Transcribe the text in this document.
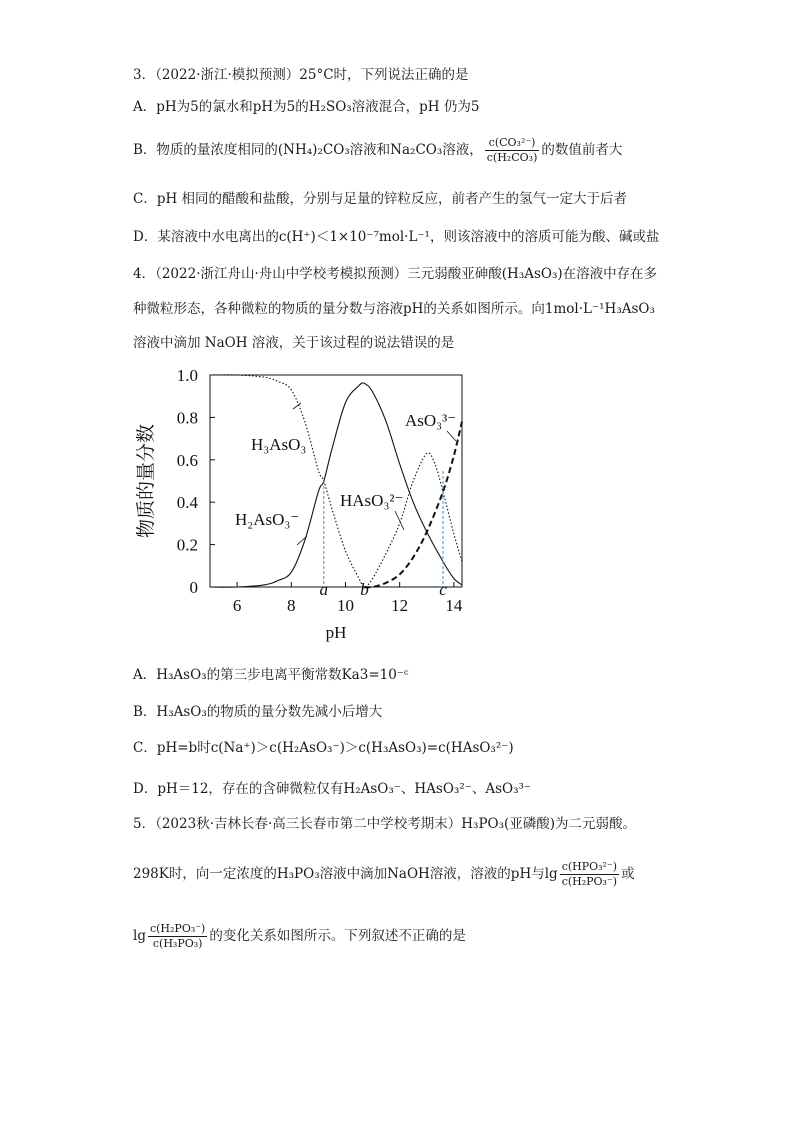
3．（2022·浙江·模拟预测）25°C时，下列说法正确的是
A．pH为5的氯水和pH为5的H₂SO₃溶液混合，pH 仍为5
B．物质的量浓度相同的(NH₄)₂CO₃溶液和Na₂CO₃溶液， $\frac{\text{c(CO₃²⁻)}}{\text{c(H₂CO₃)}}$ 的数值前者大
C．pH 相同的醋酸和盐酸，分别与足量的锌粒反应，前者产生的氢气一定大于后者
D．某溶液中水电离出的c(H⁺)＜1×10⁻⁷mol·L⁻¹，则该溶液中的溶质可能为酸、碱或盐
4．（2022·浙江舟山·舟山中学校考模拟预测）三元弱酸亚砷酸(H₃AsO₃)在溶液中存在多
种微粒形态，各种微粒的物质的量分数与溶液pH的关系如图所示。向1mol·L⁻¹H₃AsO₃
溶液中滴加 NaOH 溶液，关于该过程的说法错误的是
0
0.2
0.4
0.6
0.8
1.0
6	8 10 12 14
a b	c
物质的量分数
pH
H₃AsO₃
H₂AsO₃⁻
HAsO₃²⁻
AsO₃³⁻
A．H₃AsO₃的第三步电离平衡常数Ka3=10⁻ᶜ
B．H₃AsO₃的物质的量分数先减小后增大
C．pH=b时c(Na⁺)＞c(H₂AsO₃⁻)＞c(H₃AsO₃)=c(HAsO₃²⁻)
D．pH＝12，存在的含砷微粒仅有H₂AsO₃⁻、HAsO₃²⁻、AsO₃³⁻
5．（2023秋·吉林长春·高三长春市第二中学校考期末）H₃PO₃(亚磷酸)为二元弱酸。
298K时，向一定浓度的H₃PO₃溶液中滴加NaOH溶液，溶液的pH与$\lg \frac{\text{c(HPO₃²⁻)}}{\text{c(H₂PO₃⁻)}}$ 或
$\lg \frac{\text{c(H₂PO₃⁻)}}{\text{c(H₃PO₃)}}$ 的变化关系如图所示。下列叙述不正确的是
